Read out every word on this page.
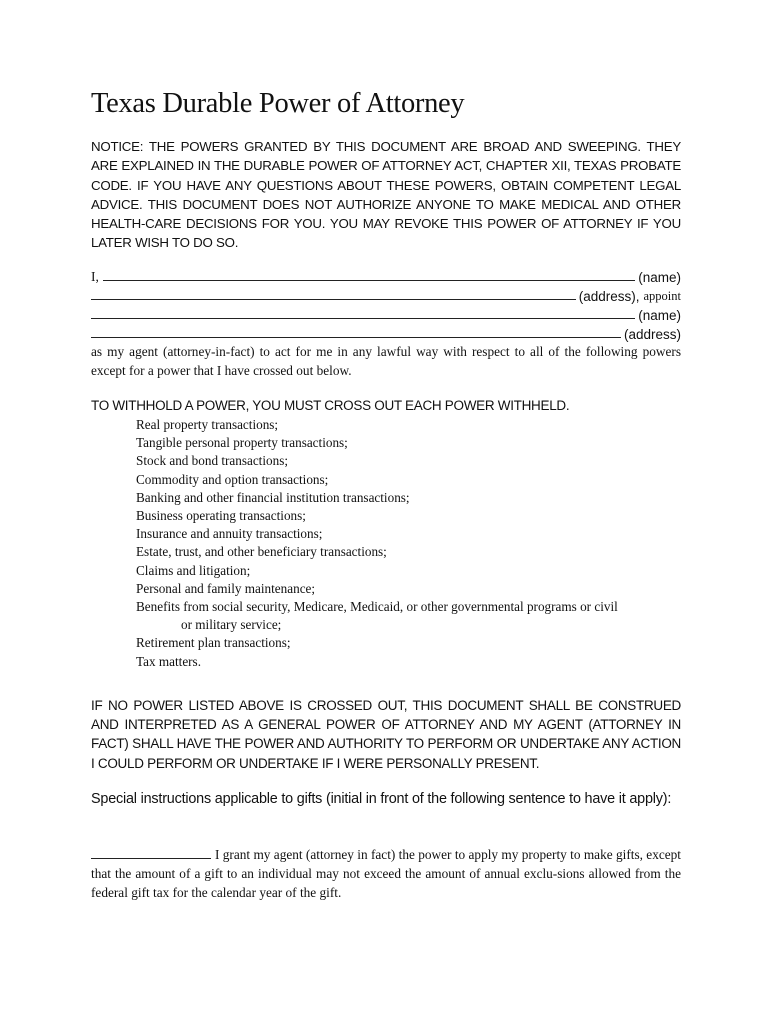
Texas Durable Power of Attorney
NOTICE: THE POWERS GRANTED BY THIS DOCUMENT ARE BROAD AND SWEEPING. THEY ARE EXPLAINED IN THE DURABLE POWER OF ATTORNEY ACT, CHAPTER XII, TEXAS PROBATE CODE. IF YOU HAVE ANY QUESTIONS ABOUT THESE POWERS, OBTAIN COMPETENT LEGAL ADVICE. THIS DOCUMENT DOES NOT AUTHORIZE ANYONE TO MAKE MEDICAL AND OTHER HEALTH-CARE DECISIONS FOR YOU. YOU MAY REVOKE THIS POWER OF ATTORNEY IF YOU LATER WISH TO DO SO.
I,	(name)
(address), appoint
(name)
(address)
as my agent (attorney-in-fact) to act for me in any lawful way with respect to all of the following powers except for a power that I have crossed out below.
TO WITHHOLD A POWER, YOU MUST CROSS OUT EACH POWER WITHHELD.
Real property transactions;
Tangible personal property transactions;
Stock and bond transactions;
Commodity and option transactions;
Banking and other financial institution transactions;
Business operating transactions;
Insurance and annuity transactions;
Estate, trust, and other beneficiary transactions;
Claims and litigation;
Personal and family maintenance;
Benefits from social security, Medicare, Medicaid, or other governmental programs or civil
or military service;
Retirement plan transactions;
Tax matters.
IF NO POWER LISTED ABOVE IS CROSSED OUT, THIS DOCUMENT SHALL BE CONSTRUED AND INTERPRETED AS A GENERAL POWER OF ATTORNEY AND MY AGENT (ATTORNEY IN FACT) SHALL HAVE THE POWER AND AUTHORITY TO PERFORM OR UNDERTAKE ANY ACTION I COULD PERFORM OR UNDERTAKE IF I WERE PERSONALLY PRESENT.
Special instructions applicable to gifts (initial in front of the following sentence to have it apply):
I grant my agent (attorney in fact) the power to apply my property to make gifts, except that the amount of a gift to an individual may not exceed the amount of annual exclu-sions allowed from the federal gift tax for the calendar year of the gift.
